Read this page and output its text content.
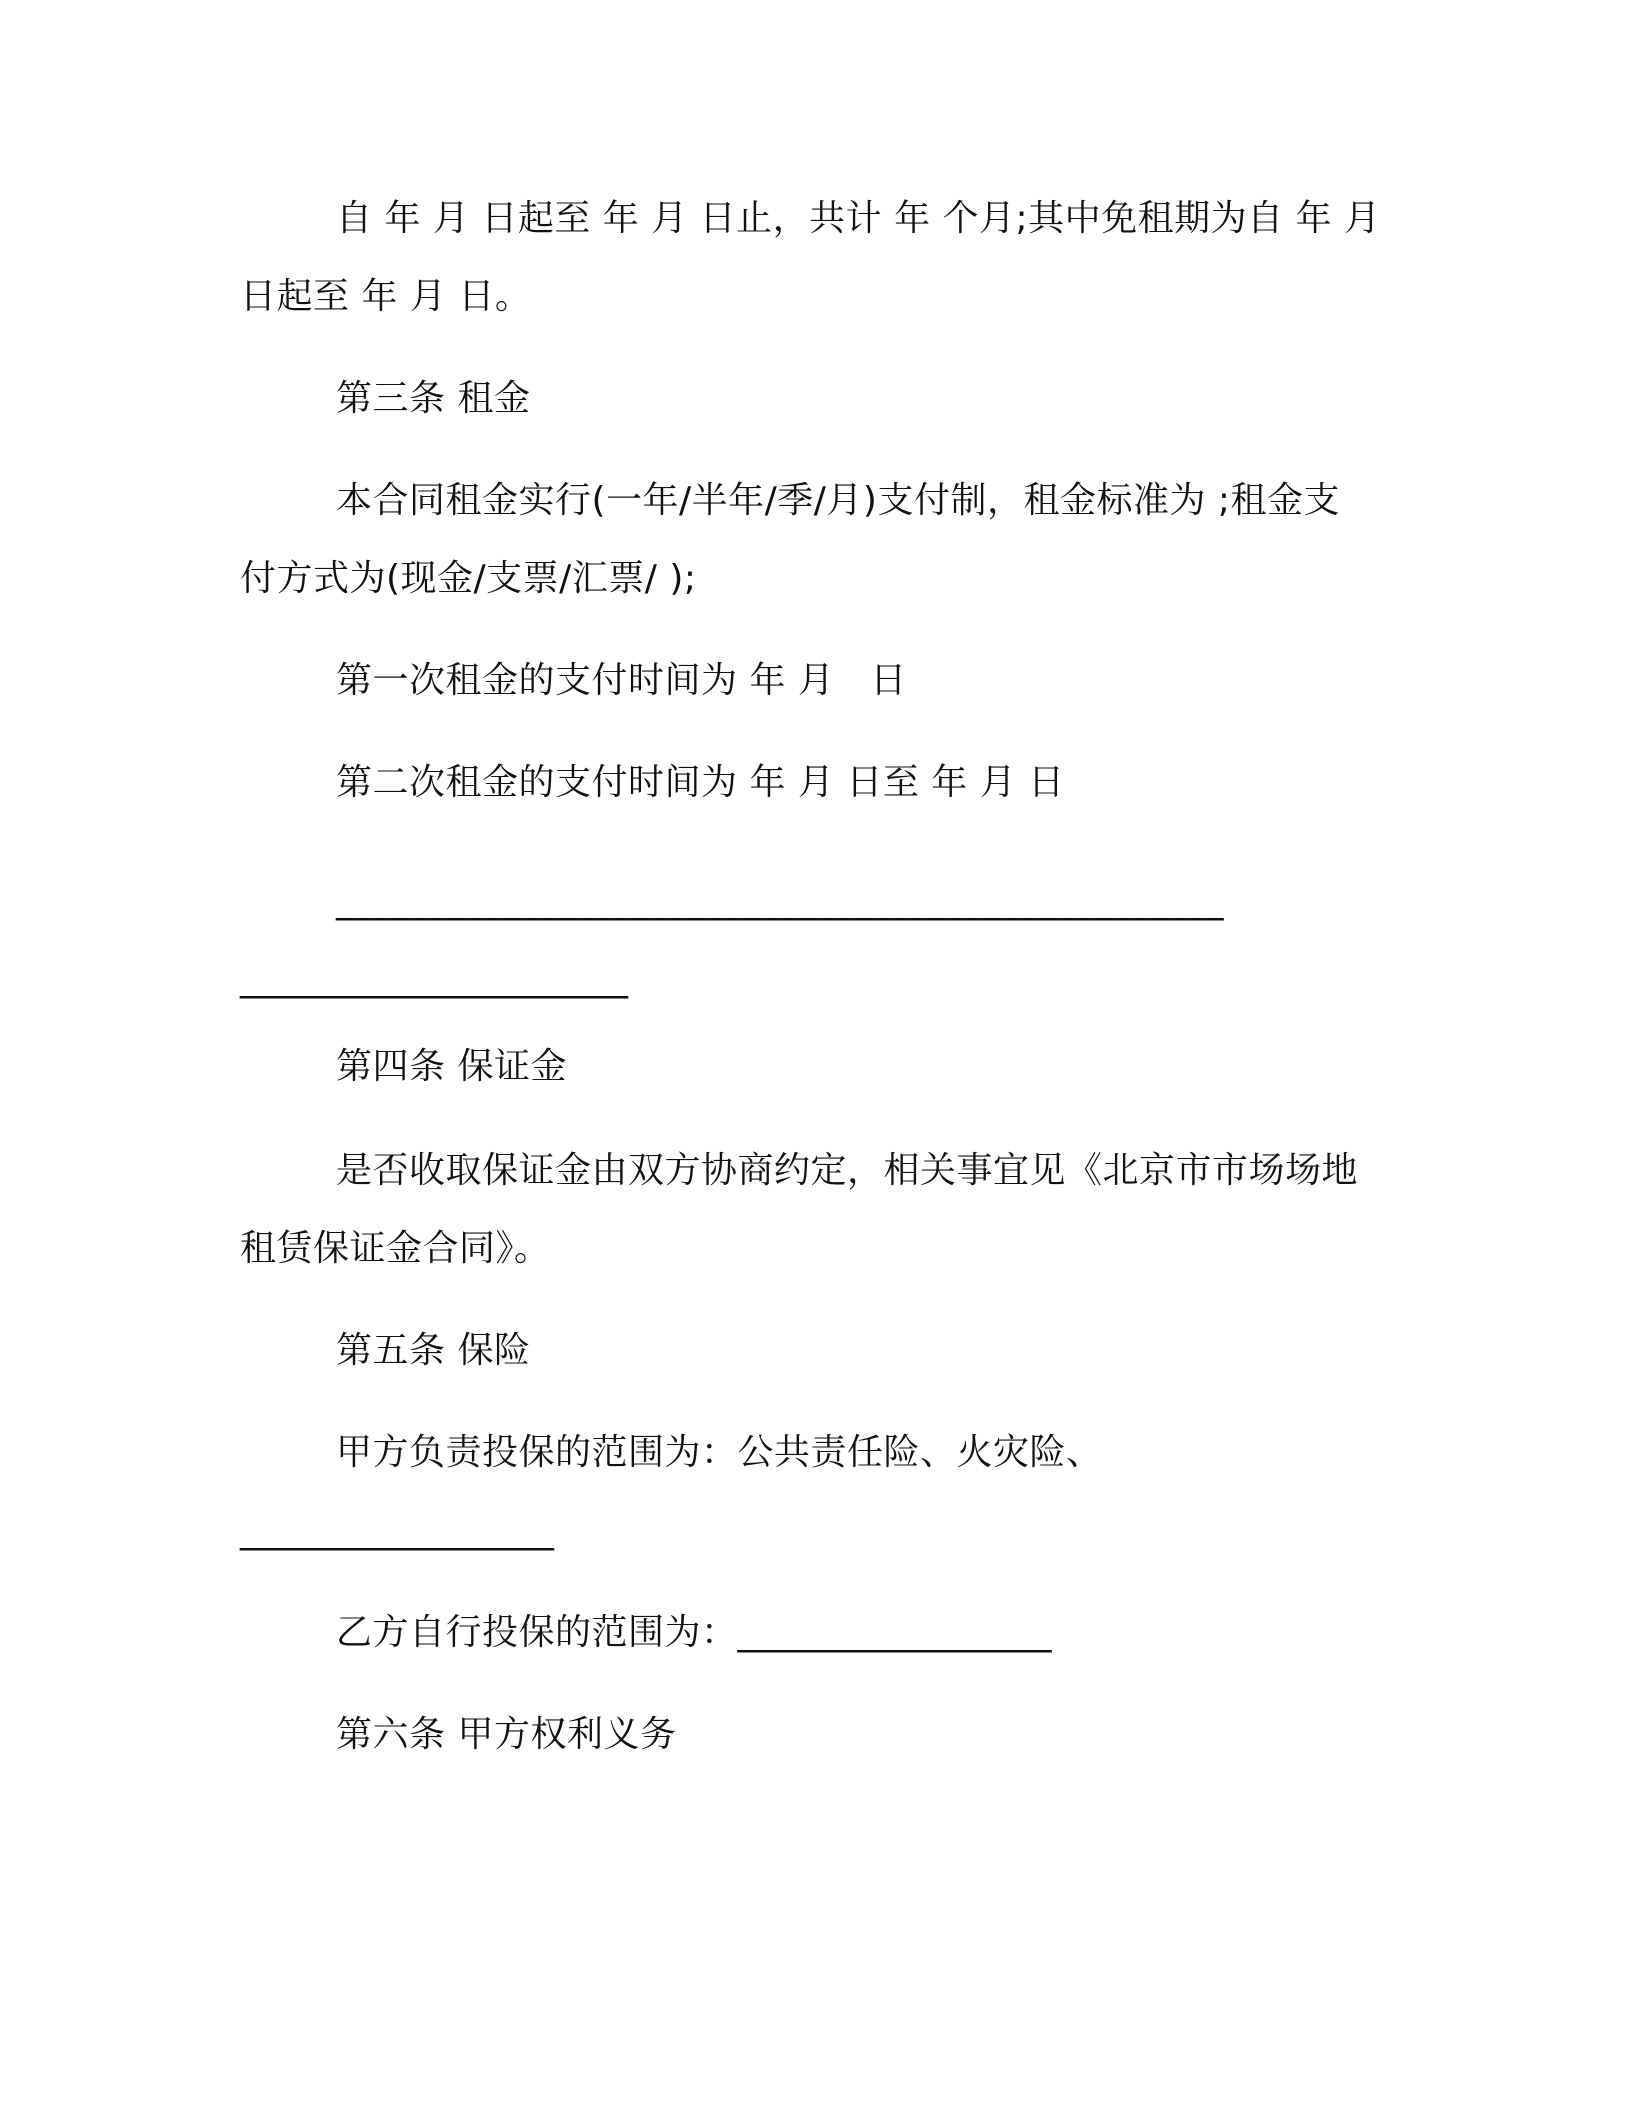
自 年 月 日起至 年 月 日止，共计 年 个月;其中免租期为自 年 月
日起至 年 月 日。
第三条 租金
本合同租金实行(一年/半年/季/月)支付制，租金标准为 ;租金支
付方式为(现金/支票/汇票/ );
第一次租金的支付时间为 年 月   日
第二次租金的支付时间为 年 月 日至 年 月 日
________________________________________________
_____________________
第四条 保证金
是否收取保证金由双方协商约定，相关事宜见《北京市市场场地
租赁保证金合同》。
第五条 保险
甲方负责投保的范围为：公共责任险、火灾险、
_________________
乙方自行投保的范围为：_________________
第六条 甲方权利义务
